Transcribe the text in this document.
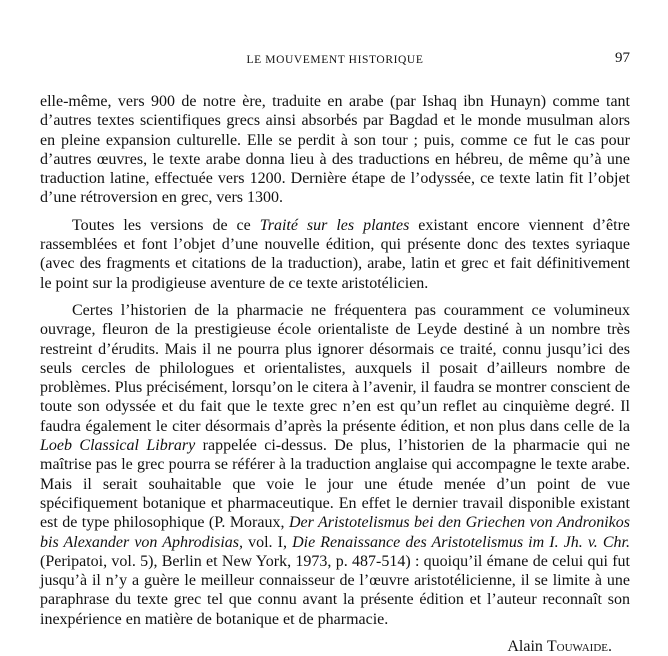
LE MOUVEMENT HISTORIQUE	97

elle-même, vers 900 de notre ère, traduite en arabe (par Ishaq ibn Hunayn) comme tant d’autres textes scientifiques grecs ainsi absorbés par Bagdad et le monde musulman alors en pleine expansion culturelle. Elle se perdit à son tour ; puis, comme ce fut le cas pour d’autres œuvres, le texte arabe donna lieu à des traductions en hébreu, de même qu’à une traduction latine, effectuée vers 1200. Dernière étape de l’odyssée, ce texte latin fit l’objet d’une rétroversion en grec, vers 1300.

Toutes les versions de ce Traité sur les plantes existant encore viennent d’être rassemblées et font l’objet d’une nouvelle édition, qui présente donc des textes syriaque (avec des fragments et citations de la traduction), arabe, latin et grec et fait définitivement le point sur la prodigieuse aventure de ce texte aristotélicien.

Certes l’historien de la pharmacie ne fréquentera pas couramment ce volumineux ouvrage, fleuron de la prestigieuse école orientaliste de Leyde destiné à un nombre très restreint d’érudits. Mais il ne pourra plus ignorer désormais ce traité, connu jusqu’ici des seuls cercles de philologues et orientalistes, auxquels il posait d’ailleurs nombre de problèmes. Plus précisément, lorsqu’on le citera à l’avenir, il faudra se montrer conscient de toute son odyssée et du fait que le texte grec n’en est qu’un reflet au cinquième degré. Il faudra également le citer désormais d’après la présente édition, et non plus dans celle de la Loeb Classical Library rappelée ci-dessus. De plus, l’historien de la pharmacie qui ne maîtrise pas le grec pourra se référer à la traduction anglaise qui accompagne le texte arabe. Mais il serait souhaitable que voie le jour une étude menée d’un point de vue spécifiquement botanique et pharmaceutique. En effet le dernier travail disponible existant est de type philosophique (P. Moraux, Der Aristotelismus bei den Griechen von Andronikos bis Alexander von Aphrodisias, vol. I, Die Renaissance des Aristotelismus im I. Jh. v. Chr. (Peripatoi, vol. 5), Berlin et New York, 1973, p. 487-514) : quoiqu’il émane de celui qui fut jusqu’à il n’y a guère le meilleur connaisseur de l’œuvre aristotélicienne, il se limite à une paraphrase du texte grec tel que connu avant la présente édition et l’auteur reconnaît son inexpérience en matière de botanique et de pharmacie.

Alain Touwaide.
